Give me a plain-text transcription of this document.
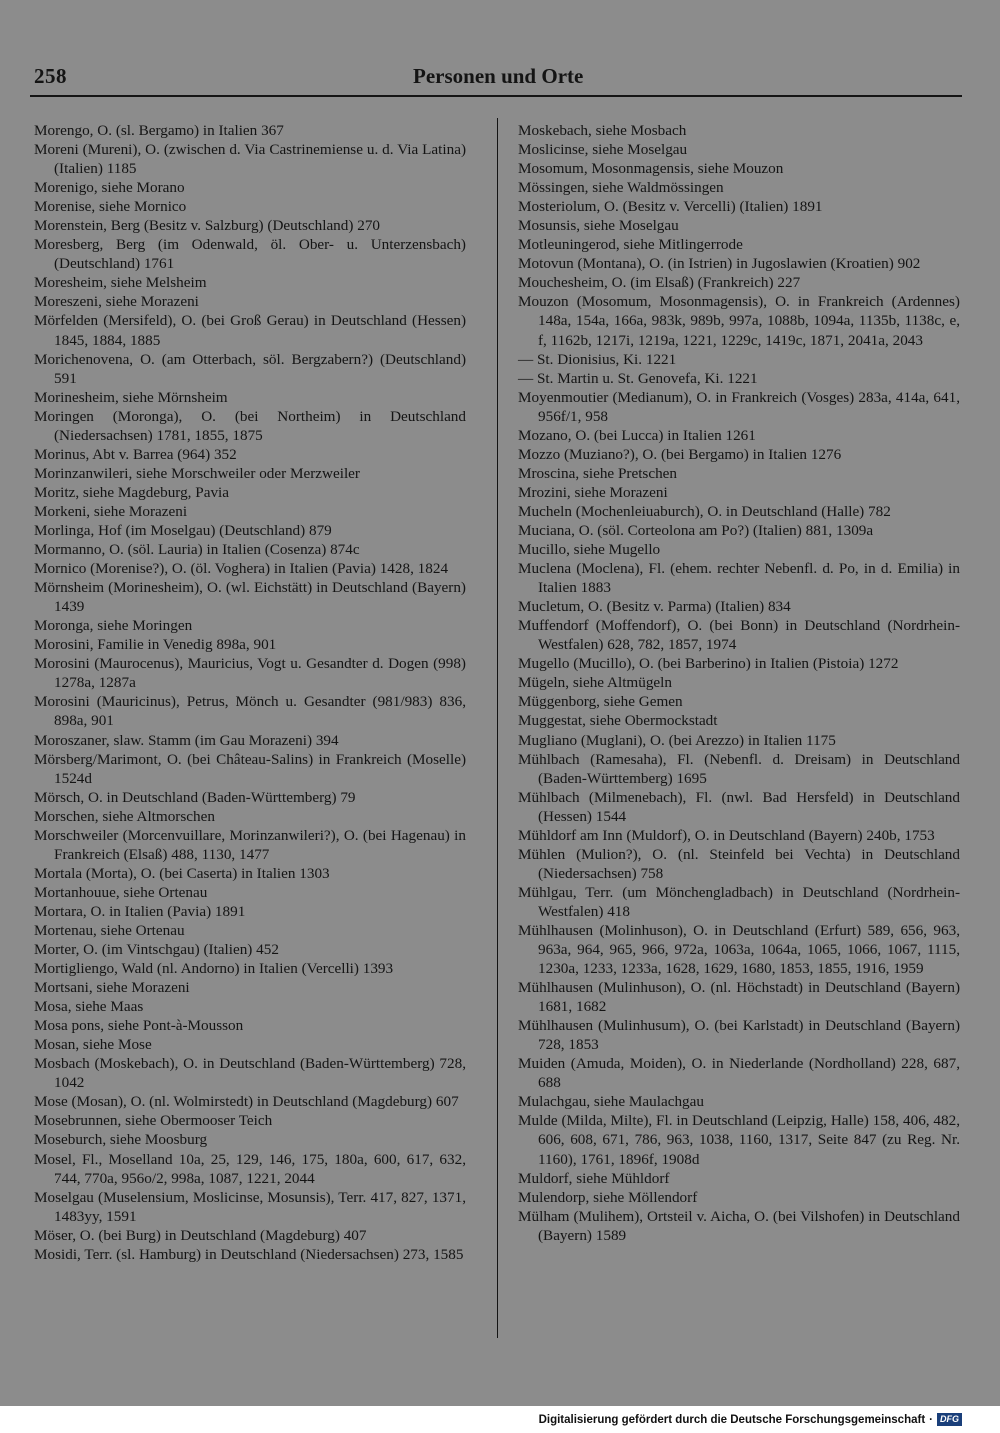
258	Personen und Orte
Morengo, O. (sl. Bergamo) in Italien 367
Moreni (Mureni), O. (zwischen d. Via Castrinemiense u. d. Via Latina) (Italien) 1185
Morenigo, siehe Morano
Morenise, siehe Mornico
Morenstein, Berg (Besitz v. Salzburg) (Deutschland) 270
Moresberg, Berg (im Odenwald, öl. Ober- u. Unterzensbach) (Deutschland) 1761
Moresheim, siehe Melsheim
Moreszeni, siehe Morazeni
Mörfelden (Mersifeld), O. (bei Groß Gerau) in Deutschland (Hessen) 1845, 1884, 1885
Morichenovena, O. (am Otterbach, söl. Bergzabern?) (Deutschland) 591
Morinesheim, siehe Mörnsheim
Moringen (Moronga), O. (bei Northeim) in Deutschland (Niedersachsen) 1781, 1855, 1875
Morinus, Abt v. Barrea (964) 352
Morinzanwileri, siehe Morschweiler oder Merzweiler
Moritz, siehe Magdeburg, Pavia
Morkeni, siehe Morazeni
Morlinga, Hof (im Moselgau) (Deutschland) 879
Mormanno, O. (söl. Lauria) in Italien (Cosenza) 874c
Mornico (Morenise?), O. (öl. Voghera) in Italien (Pavia) 1428, 1824
Mörnsheim (Morinesheim), O. (wl. Eichstätt) in Deutschland (Bayern) 1439
Moronga, siehe Moringen
Morosini, Familie in Venedig 898a, 901
Morosini (Maurocenus), Mauricius, Vogt u. Gesandter d. Dogen (998) 1278a, 1287a
Morosini (Mauricinus), Petrus, Mönch u. Gesandter (981/983) 836, 898a, 901
Moroszaner, slaw. Stamm (im Gau Morazeni) 394
Mörsberg/Marimont, O. (bei Château-Salins) in Frankreich (Moselle) 1524d
Mörsch, O. in Deutschland (Baden-Württemberg) 79
Morschen, siehe Altmorschen
Morschweiler (Morcenvuillare, Morinzanwileri?), O. (bei Hagenau) in Frankreich (Elsaß) 488, 1130, 1477
Mortala (Morta), O. (bei Caserta) in Italien 1303
Mortanhouue, siehe Ortenau
Mortara, O. in Italien (Pavia) 1891
Mortenau, siehe Ortenau
Morter, O. (im Vintschgau) (Italien) 452
Mortigliengo, Wald (nl. Andorno) in Italien (Vercelli) 1393
Mortsani, siehe Morazeni
Mosa, siehe Maas
Mosa pons, siehe Pont-à-Mousson
Mosan, siehe Mose
Mosbach (Moskebach), O. in Deutschland (Baden-Württemberg) 728, 1042
Mose (Mosan), O. (nl. Wolmirstedt) in Deutschland (Magdeburg) 607
Mosebrunnen, siehe Obermooser Teich
Moseburch, siehe Moosburg
Mosel, Fl., Moselland 10a, 25, 129, 146, 175, 180a, 600, 617, 632, 744, 770a, 956o/2, 998a, 1087, 1221, 2044
Moselgau (Muselensium, Moslicinse, Mosunsis), Terr. 417, 827, 1371, 1483yy, 1591
Möser, O. (bei Burg) in Deutschland (Magdeburg) 407
Mosidi, Terr. (sl. Hamburg) in Deutschland (Niedersachsen) 273, 1585
Moskebach, siehe Mosbach
Moslicinse, siehe Moselgau
Mosomum, Mosonmagensis, siehe Mouzon
Mössingen, siehe Waldmössingen
Mosteriolum, O. (Besitz v. Vercelli) (Italien) 1891
Mosunsis, siehe Moselgau
Motleuningerod, siehe Mitlingerrode
Motovun (Montana), O. (in Istrien) in Jugoslawien (Kroatien) 902
Mouchesheim, O. (im Elsaß) (Frankreich) 227
Mouzon (Mosomum, Mosonmagensis), O. in Frankreich (Ardennes) 148a, 154a, 166a, 983k, 989b, 997a, 1088b, 1094a, 1135b, 1138c, e, f, 1162b, 1217i, 1219a, 1221, 1229c, 1419c, 1871, 2041a, 2043
— St. Dionisius, Ki. 1221
— St. Martin u. St. Genovefa, Ki. 1221
Moyenmoutier (Medianum), O. in Frankreich (Vosges) 283a, 414a, 641, 956f/1, 958
Mozano, O. (bei Lucca) in Italien 1261
Mozzo (Muziano?), O. (bei Bergamo) in Italien 1276
Mroscina, siehe Pretschen
Mrozini, siehe Morazeni
Mucheln (Mochenleiuaburch), O. in Deutschland (Halle) 782
Muciana, O. (söl. Corteolona am Po?) (Italien) 881, 1309a
Mucillo, siehe Mugello
Muclena (Moclena), Fl. (ehem. rechter Nebenfl. d. Po, in d. Emilia) in Italien 1883
Mucletum, O. (Besitz v. Parma) (Italien) 834
Muffendorf (Moffendorf), O. (bei Bonn) in Deutschland (Nordrhein-Westfalen) 628, 782, 1857, 1974
Mugello (Mucillo), O. (bei Barberino) in Italien (Pistoia) 1272
Mügeln, siehe Altmügeln
Müggenborg, siehe Gemen
Muggestat, siehe Obermockstadt
Mugliano (Muglani), O. (bei Arezzo) in Italien 1175
Mühlbach (Ramesaha), Fl. (Nebenfl. d. Dreisam) in Deutschland (Baden-Württemberg) 1695
Mühlbach (Milmenebach), Fl. (nwl. Bad Hersfeld) in Deutschland (Hessen) 1544
Mühldorf am Inn (Muldorf), O. in Deutschland (Bayern) 240b, 1753
Mühlen (Mulion?), O. (nl. Steinfeld bei Vechta) in Deutschland (Niedersachsen) 758
Mühlgau, Terr. (um Mönchengladbach) in Deutschland (Nordrhein-Westfalen) 418
Mühlhausen (Molinhuson), O. in Deutschland (Erfurt) 589, 656, 963, 963a, 964, 965, 966, 972a, 1063a, 1064a, 1065, 1066, 1067, 1115, 1230a, 1233, 1233a, 1628, 1629, 1680, 1853, 1855, 1916, 1959
Mühlhausen (Mulinhuson), O. (nl. Höchstadt) in Deutschland (Bayern) 1681, 1682
Mühlhausen (Mulinhusum), O. (bei Karlstadt) in Deutschland (Bayern) 728, 1853
Muiden (Amuda, Moiden), O. in Niederlande (Nordholland) 228, 687, 688
Mulachgau, siehe Maulachgau
Mulde (Milda, Milte), Fl. in Deutschland (Leipzig, Halle) 158, 406, 482, 606, 608, 671, 786, 963, 1038, 1160, 1317, Seite 847 (zu Reg. Nr. 1160), 1761, 1896f, 1908d
Muldorf, siehe Mühldorf
Mulendorp, siehe Möllendorf
Mülham (Mulihem), Ortsteil v. Aicha, O. (bei Vilshofen) in Deutschland (Bayern) 1589
Digitalisierung gefördert durch die Deutsche Forschungsgemeinschaft · DFG
